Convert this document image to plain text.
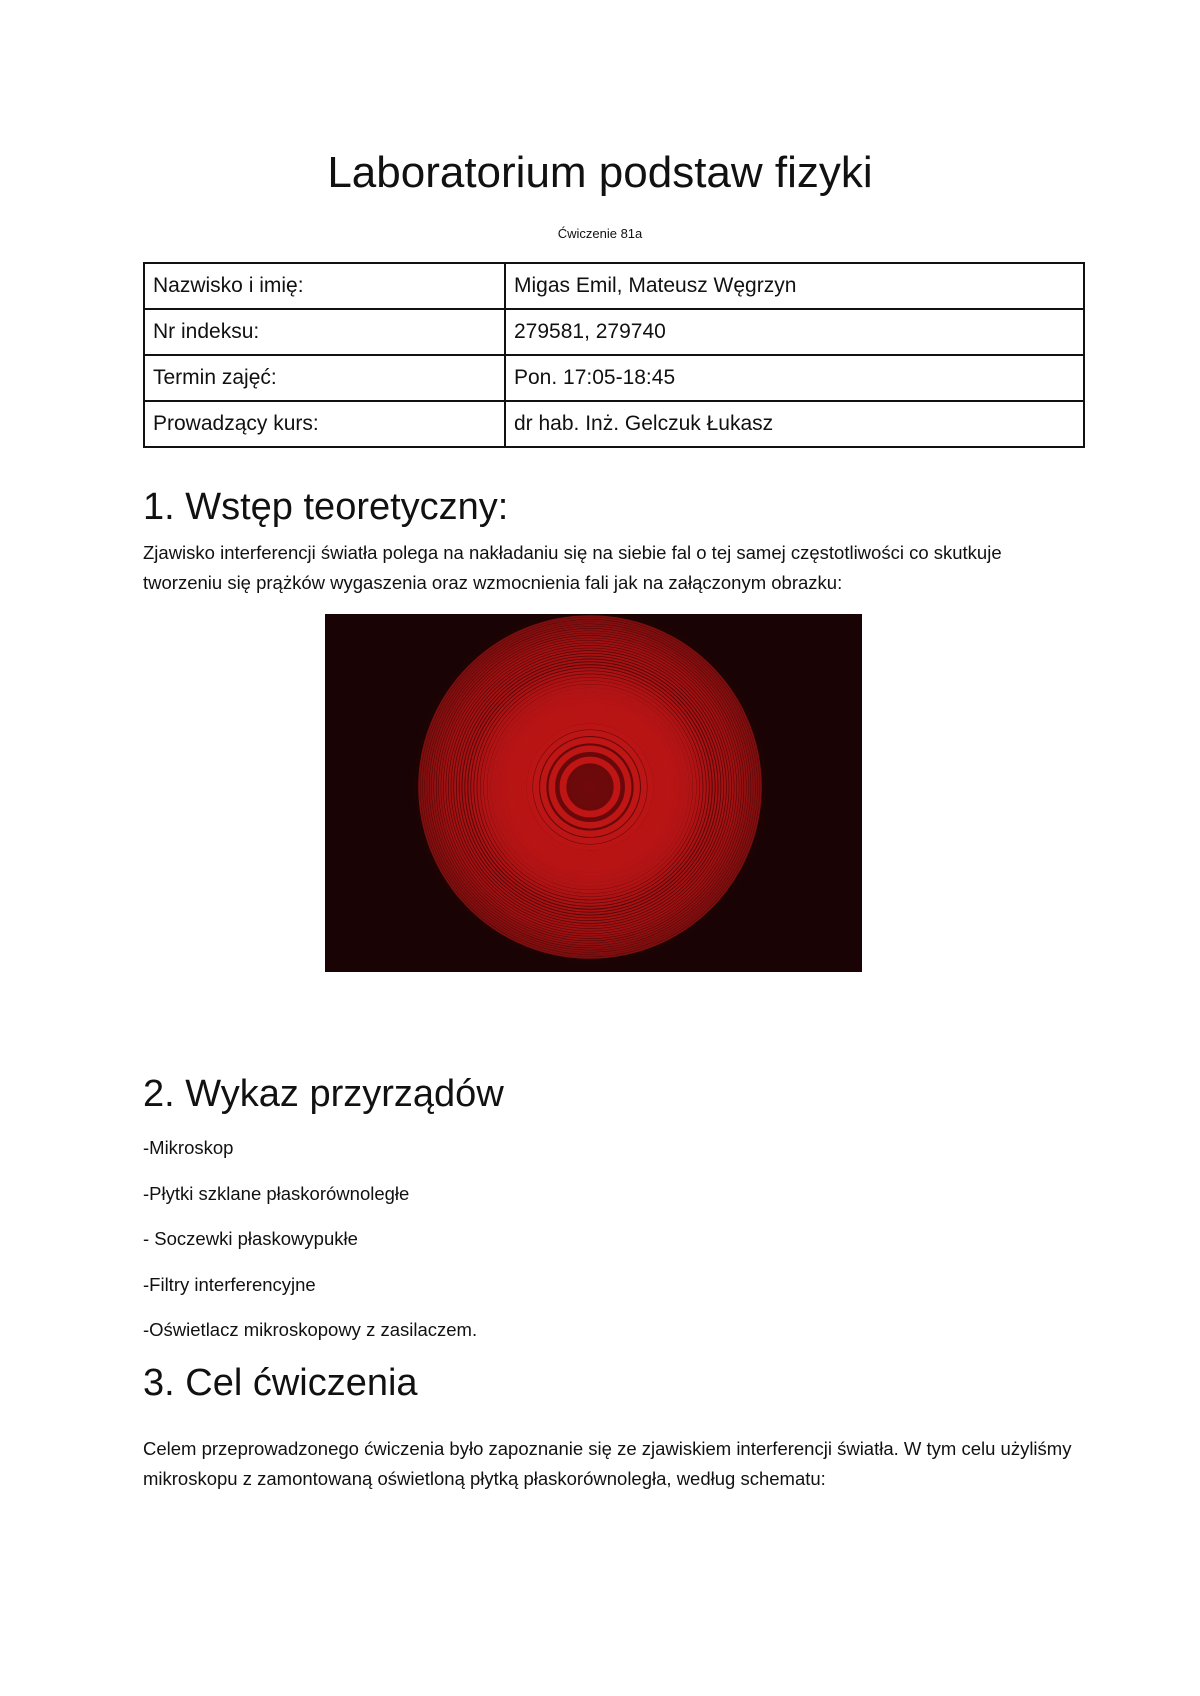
Laboratorium podstaw fizyki
Ćwiczenie 81a
Nazwisko i imię:	Migas Emil, Mateusz Węgrzyn
Nr indeksu:	279581, 279740
Termin zajęć:	Pon. 17:05-18:45
Prowadzący kurs:	dr hab. Inż. Gelczuk Łukasz
1. Wstęp teoretyczny:

Zjawisko interferencji światła polega na nakładaniu się na siebie fal o tej samej częstotliwości co skutkuje tworzeniu się prążków wygaszenia oraz wzmocnienia fali jak na załączonym obrazku:

2. Wykaz przyrządów
-Mikroskop
-Płytki szklane płaskorównoległe
- Soczewki płaskowypukłe
-Filtry interferencyjne
-Oświetlacz mikroskopowy z zasilaczem.
3. Cel ćwiczenia

Celem przeprowadzonego ćwiczenia było zapoznanie się ze zjawiskiem interferencji światła. W tym celu użyliśmy mikroskopu z zamontowaną oświetloną płytką płaskorównoległa, według schematu:
